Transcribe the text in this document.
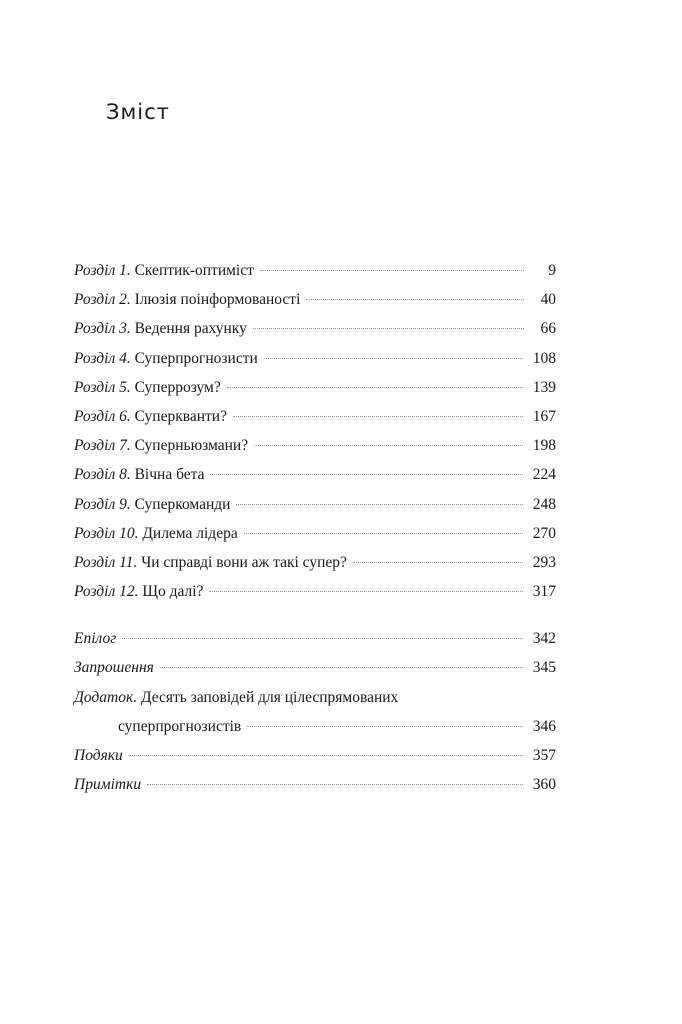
Зміст
Розділ 1. Скептик-оптиміст	9
Розділ 2. Ілюзія поінформованості	40
Розділ 3. Ведення рахунку	66
Розділ 4. Суперпрогнозисти	108
Розділ 5. Суперрозум?	139
Розділ 6. Суперкванти?	167
Розділ 7. Суперньюзмани?	198
Розділ 8. Вічна бета	224
Розділ 9. Суперкоманди	248
Розділ 10. Дилема лідера	270
Розділ 11. Чи справді вони аж такі супер?	293
Розділ 12. Що далі?	317
Епілог	342
Запрошення	345
Додаток. Десять заповідей для цілеспрямованих
суперпрогнозистів	346
Подяки	357
Примітки	360
